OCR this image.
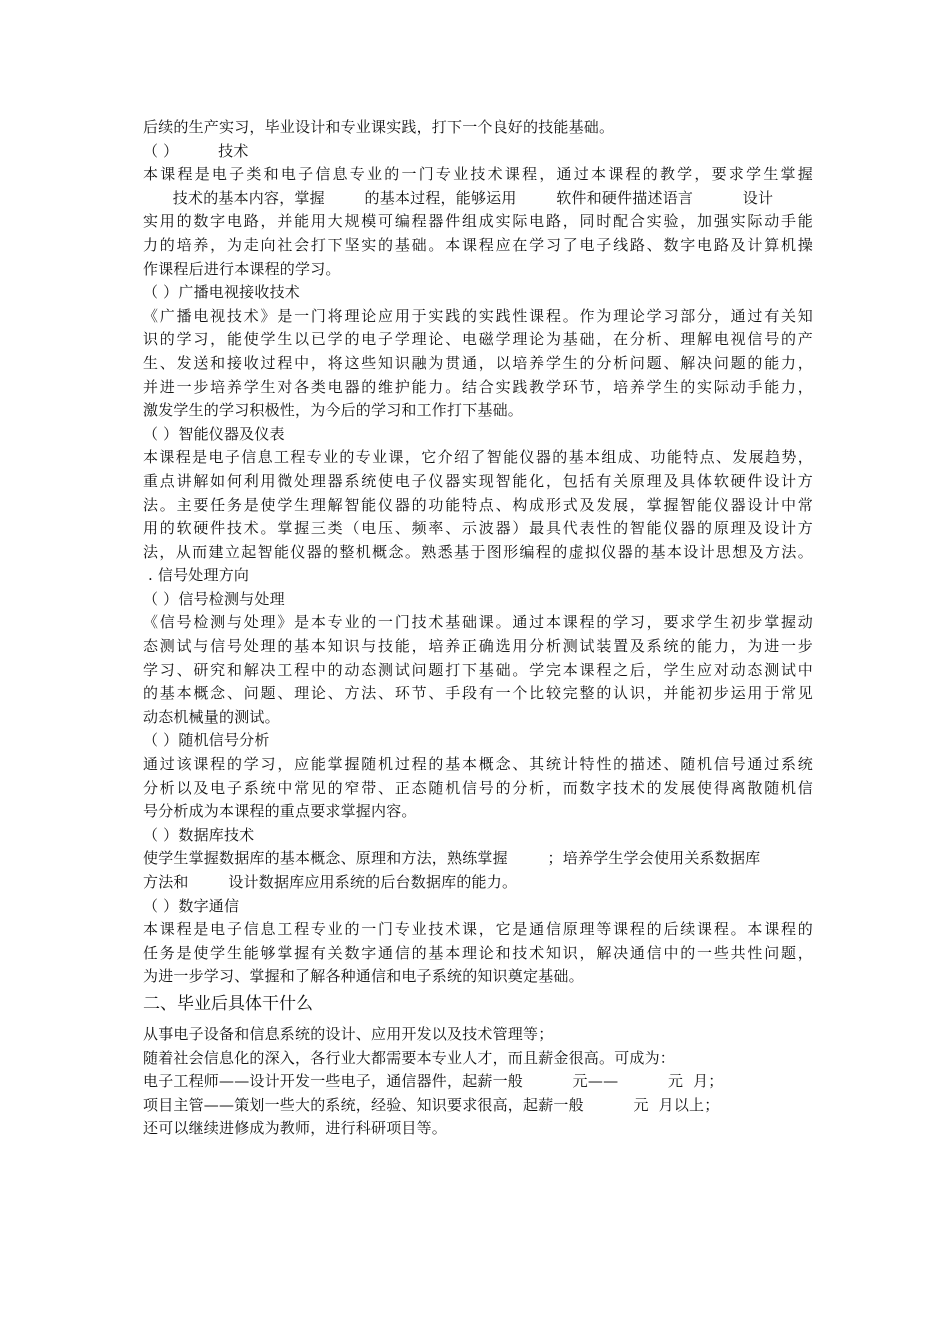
后续的生产实习，毕业设计和专业课实践，打下一个良好的技能基础。
（ ）        技术
本课程是电子类和电子信息专业的一门专业技术课程，通过本课程的教学，要求学生掌握
技术的基本内容，掌握        的基本过程，能够运用        软件和硬件描述语言          设计
实用的数字电路，并能用大规模可编程器件组成实际电路，同时配合实验，加强实际动手能
力的培养，为走向社会打下坚实的基础。本课程应在学习了电子线路、数字电路及计算机操
作课程后进行本课程的学习。
（ ）广播电视接收技术
《广播电视技术》是一门将理论应用于实践的实践性课程。作为理论学习部分，通过有关知
识的学习，能使学生以已学的电子学理论、电磁学理论为基础，在分析、理解电视信号的产
生、发送和接收过程中，将这些知识融为贯通，以培养学生的分析问题、解决问题的能力，
并进一步培养学生对各类电器的维护能力。结合实践教学环节，培养学生的实际动手能力，
激发学生的学习积极性，为今后的学习和工作打下基础。
（ ）智能仪器及仪表
本课程是电子信息工程专业的专业课，它介绍了智能仪器的基本组成、功能特点、发展趋势，
重点讲解如何利用微处理器系统使电子仪器实现智能化，包括有关原理及具体软硬件设计方
法。主要任务是使学生理解智能仪器的功能特点、构成形式及发展，掌握智能仪器设计中常
用的软硬件技术。掌握三类（电压、频率、示波器）最具代表性的智能仪器的原理及设计方
法，从而建立起智能仪器的整机概念。熟悉基于图形编程的虚拟仪器的基本设计思想及方法。
. 信号处理方向
（ ）信号检测与处理
《信号检测与处理》是本专业的一门技术基础课。通过本课程的学习，要求学生初步掌握动
态测试与信号处理的基本知识与技能，培养正确选用分析测试装置及系统的能力，为进一步
学习、研究和解决工程中的动态测试问题打下基础。学完本课程之后，学生应对动态测试中
的基本概念、问题、理论、方法、环节、手段有一个比较完整的认识，并能初步运用于常见
动态机械量的测试。
（ ）随机信号分析
通过该课程的学习，应能掌握随机过程的基本概念、其统计特性的描述、随机信号通过系统
分析以及电子系统中常见的窄带、正态随机信号的分析，而数字技术的发展使得离散随机信
号分析成为本课程的重点要求掌握内容。
（ ）数据库技术
使学生掌握数据库的基本概念、原理和方法，熟练掌握        ；培养学生学会使用关系数据库
方法和        设计数据库应用系统的后台数据库的能力。
（ ）数字通信
本课程是电子信息工程专业的一门专业技术课，它是通信原理等课程的后续课程。本课程的
任务是使学生能够掌握有关数字通信的基本理论和技术知识，解决通信中的一些共性问题，
为进一步学习、掌握和了解各种通信和电子系统的知识奠定基础。
二、毕业后具体干什么
从事电子设备和信息系统的设计、应用开发以及技术管理等；
随着社会信息化的深入，各行业大都需要本专业人才，而且薪金很高。可成为：
电子工程师——设计开发一些电子，通信器件，起薪一般          元——          元  月；
项目主管——策划一些大的系统，经验、知识要求很高，起薪一般          元  月以上；
还可以继续进修成为教师，进行科研项目等。
